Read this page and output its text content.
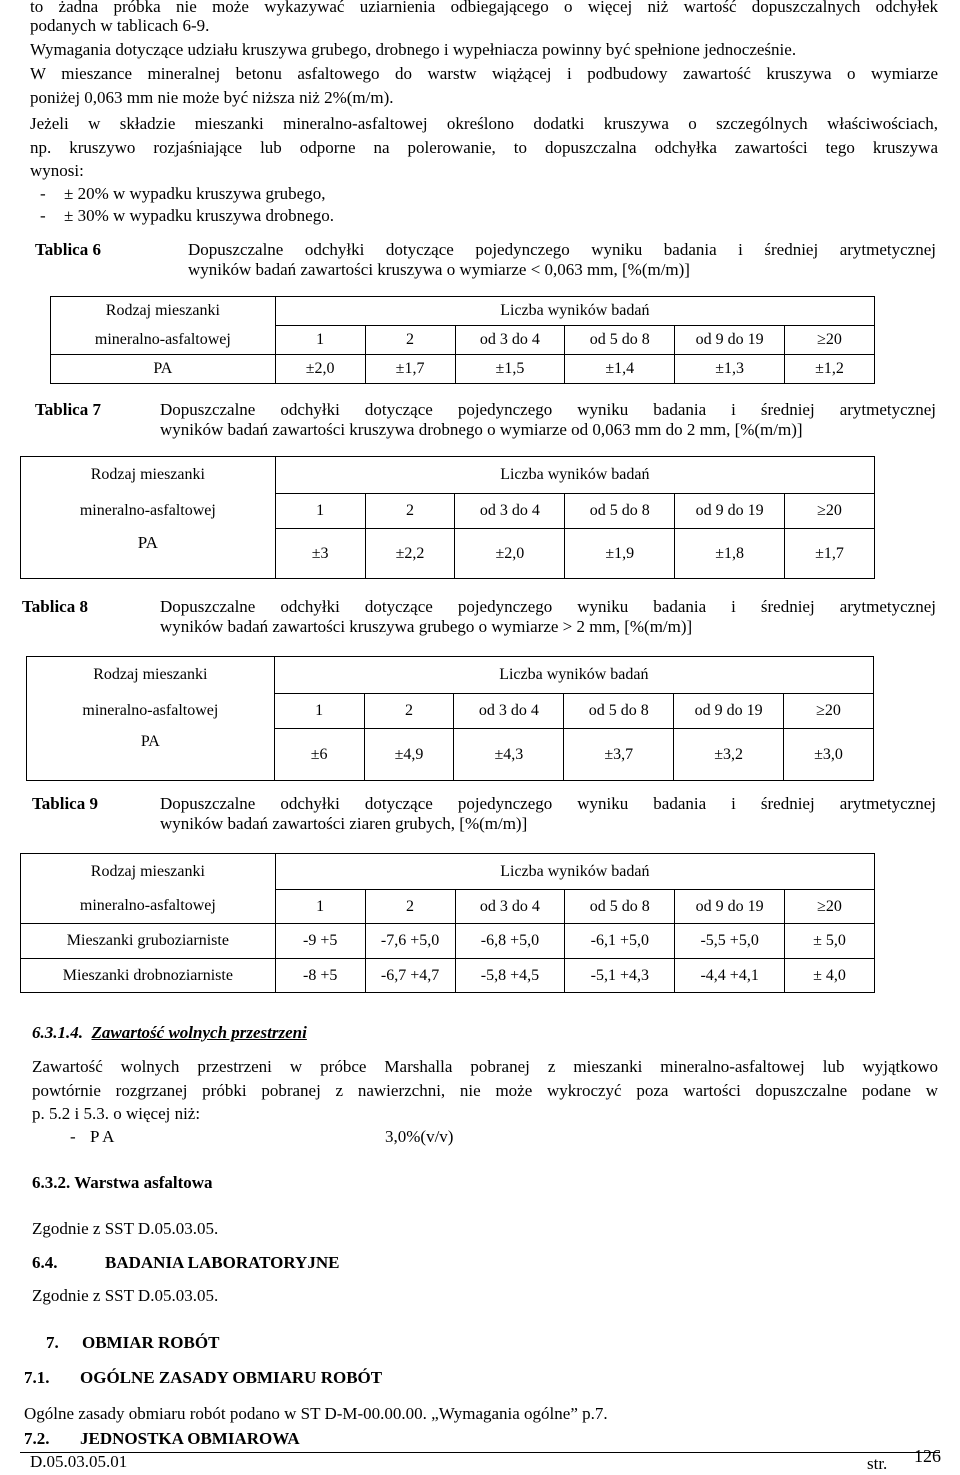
to żadna próbka nie może wykazywać uziarnienia odbiegającego o więcej niż wartość dopuszczalnych odchyłek
podanych w tablicach 6-9.
Wymagania dotyczące udziału kruszywa grubego, drobnego i wypełniacza powinny być spełnione jednocześnie.
W mieszance mineralnej betonu asfaltowego do warstw wiążącej i podbudowy zawartość kruszywa o wymiarze
poniżej 0,063 mm nie może być niższa niż 2%(m/m).
Jeżeli w składzie mieszanki mineralno-asfaltowej określono dodatki kruszywa o szczególnych właściwościach,
np. kruszywo rozjaśniające lub odporne na polerowanie, to dopuszczalna odchyłka zawartości tego kruszywa
wynosi:
- ± 20% w wypadku kruszywa grubego,
- ± 30% w wypadku kruszywa drobnego.
Tablica 6	Dopuszczalne odchyłki dotyczące pojedynczego wyniku badania i średniej arytmetycznej
wyników badań zawartości kruszywa o wymiarze < 0,063 mm, [%(m/m)]
Rodzaj mieszanki	Liczba wyników badań					
mineralno-asfaltowej	1	2	od 3 do 4	od 5 do 8	od 9 do 19	≥20
PA	±2,0	±1,7	±1,5	±1,4	±1,3	±1,2
Tablica 7	Dopuszczalne odchyłki dotyczące pojedynczego wyniku badania i średniej arytmetycznej
wyników badań zawartości kruszywa drobnego o wymiarze od 0,063 mm do 2 mm, [%(m/m)]
Rodzaj mieszanki	Liczba wyników badań					
mineralno-asfaltowej	1	2	od 3 do 4	od 5 do 8	od 9 do 19	≥20
PA	±3	±2,2	±2,0	±1,9	±1,8	±1,7
Tablica 8	Dopuszczalne odchyłki dotyczące pojedynczego wyniku badania i średniej arytmetycznej
wyników badań zawartości kruszywa grubego o wymiarze > 2 mm, [%(m/m)]
Rodzaj mieszanki	Liczba wyników badań					
mineralno-asfaltowej	1	2	od 3 do 4	od 5 do 8	od 9 do 19	≥20
PA	±6	±4,9	±4,3	±3,7	±3,2	±3,0
Tablica 9	Dopuszczalne odchyłki dotyczące pojedynczego wyniku badania i średniej arytmetycznej
wyników badań zawartości ziaren grubych, [%(m/m)]
Rodzaj mieszanki	Liczba wyników badań					
mineralno-asfaltowej	1	2	od 3 do 4	od 5 do 8	od 9 do 19	≥20
Mieszanki gruboziarniste	-9 +5	-7,6 +5,0	-6,8 +5,0	-6,1 +5,0	-5,5 +5,0	± 5,0
Mieszanki drobnoziarniste	-8 +5	-6,7 +4,7	-5,8 +4,5	-5,1 +4,3	-4,4 +4,1	± 4,0
6.3.1.4. Zawartość wolnych przestrzeni
Zawartość wolnych przestrzeni w próbce Marshalla pobranej z mieszanki mineralno-asfaltowej lub wyjątkowo
powtórnie rozgrzanej próbki pobranej z nawierzchni, nie może wykroczyć poza wartości dopuszczalne podane w
p. 5.2 i 5.3. o więcej niż:
- P A	3,0%(v/v)
6.3.2. Warstwa asfaltowa
Zgodnie z SST D.05.03.05.
6.4.	BADANIA LABORATORYJNE
Zgodnie z SST D.05.03.05.
7. OBMIAR ROBÓT
7.1. OGÓLNE ZASADY OBMIARU ROBÓT
Ogólne zasady obmiaru robót podano w ST D-M-00.00.00. „Wymagania ogólne” p.7.
7.2. JEDNOSTKA OBMIAROWA
D.05.03.05.01	str. 126
